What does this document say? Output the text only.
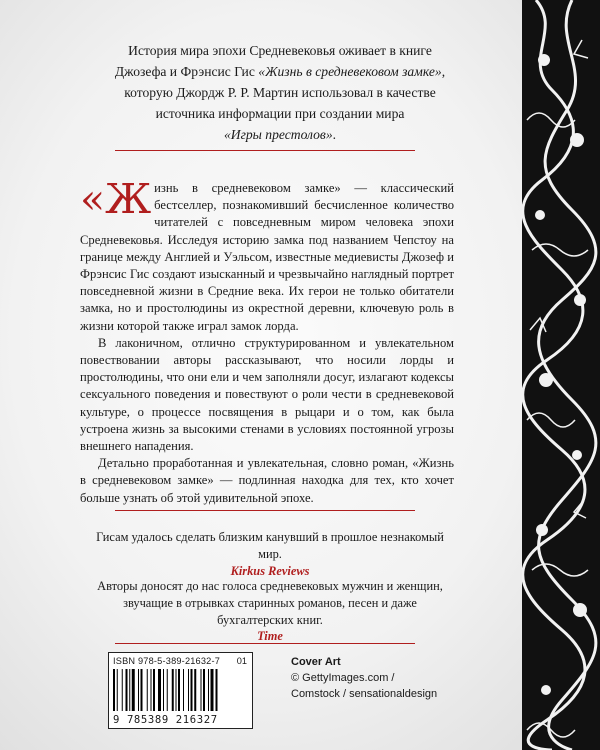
История мира эпохи Средневековья оживает в книге
Джозефа и Фрэнсис Гис «Жизнь в средневековом замке»,
которую Джордж Р. Р. Мартин использовал в качестве
источника информации при создании мира
«Игры престолов».

«Жизнь в средневековом замке» — классический бестселлер, познакомивший бесчисленное количество читателей с повседневным миром человека эпохи Средневековья. Исследуя историю замка под названием Чепстоу на границе между Англией и Уэльсом, известные медиевисты Джозеф и Фрэнсис Гис создают изысканный и чрезвычайно наглядный портрет повседневной жизни в Средние века. Их герои не только обитатели замка, но и простолюдины из окрестной деревни, ключевую роль в жизни которой также играл замок лорда.

В лаконичном, отлично структурированном и увлекательном повествовании авторы рассказывают, что носили лорды и простолюдины, что они ели и чем заполняли досуг, излагают кодексы сексуального поведения и повествуют о роли чести в средневековой культуре, о процессе посвящения в рыцари и о том, как была устроена жизнь за высокими стенами в условиях постоянной угрозы внешнего нападения.

Детально проработанная и увлекательная, словно роман, «Жизнь в средневековом замке» — подлинная находка для тех, кто хочет больше узнать об этой удивительной эпохе.

Гисам удалось сделать близким канувший в прошлое незнакомый мир.
Kirkus Reviews
Авторы доносят до нас голоса средневековых мужчин и женщин,
звучащие в отрывках старинных романов, песен и даже бухгалтерских книг.
Time
ISBN 978-5-389-21632-7 01
9 785389 216327
Cover Art
© GettyImages.com /
Comstock / sensationaldesign
